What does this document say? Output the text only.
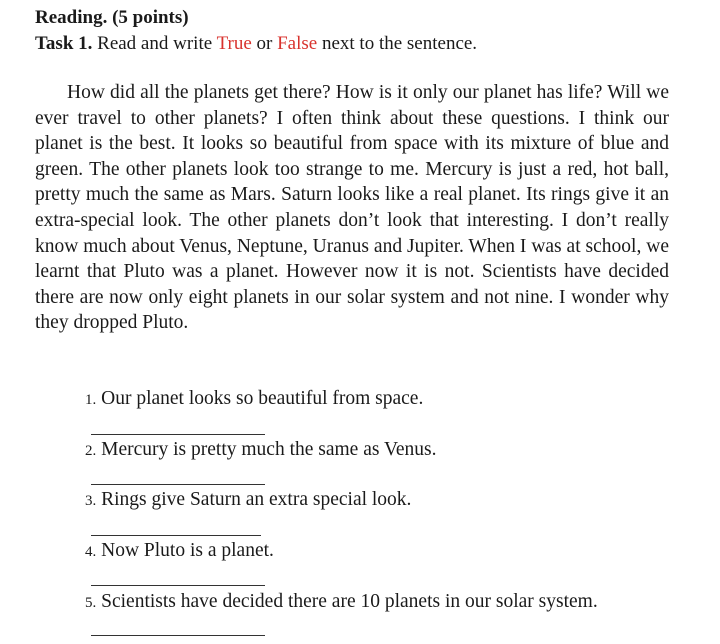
Reading. (5 points)

Task 1. Read and write True or False next to the sentence.

How did all the planets get there? How is it only our planet has life? Will we ever travel to other planets? I often think about these questions. I think our planet is the best. It looks so beautiful from space with its mixture of blue and green. The other planets look too strange to me. Mercury is just a red, hot ball, pretty much the same as Mars. Saturn looks like a real planet. Its rings give it an extra-special look. The other planets don’t look that interesting. I don’t really know much about Venus, Neptune, Uranus and Jupiter. When I was at school, we learnt that Pluto was a planet. However now it is not. Scientists have decided there are now only eight planets in our solar system and not nine. I wonder why they dropped Pluto.

1. Our planet looks so beautiful from space.
2. Mercury is pretty much the same as Venus.
3. Rings give Saturn an extra special look.
4. Now Pluto is a planet.
5. Scientists have decided there are 10 planets in our solar system.
